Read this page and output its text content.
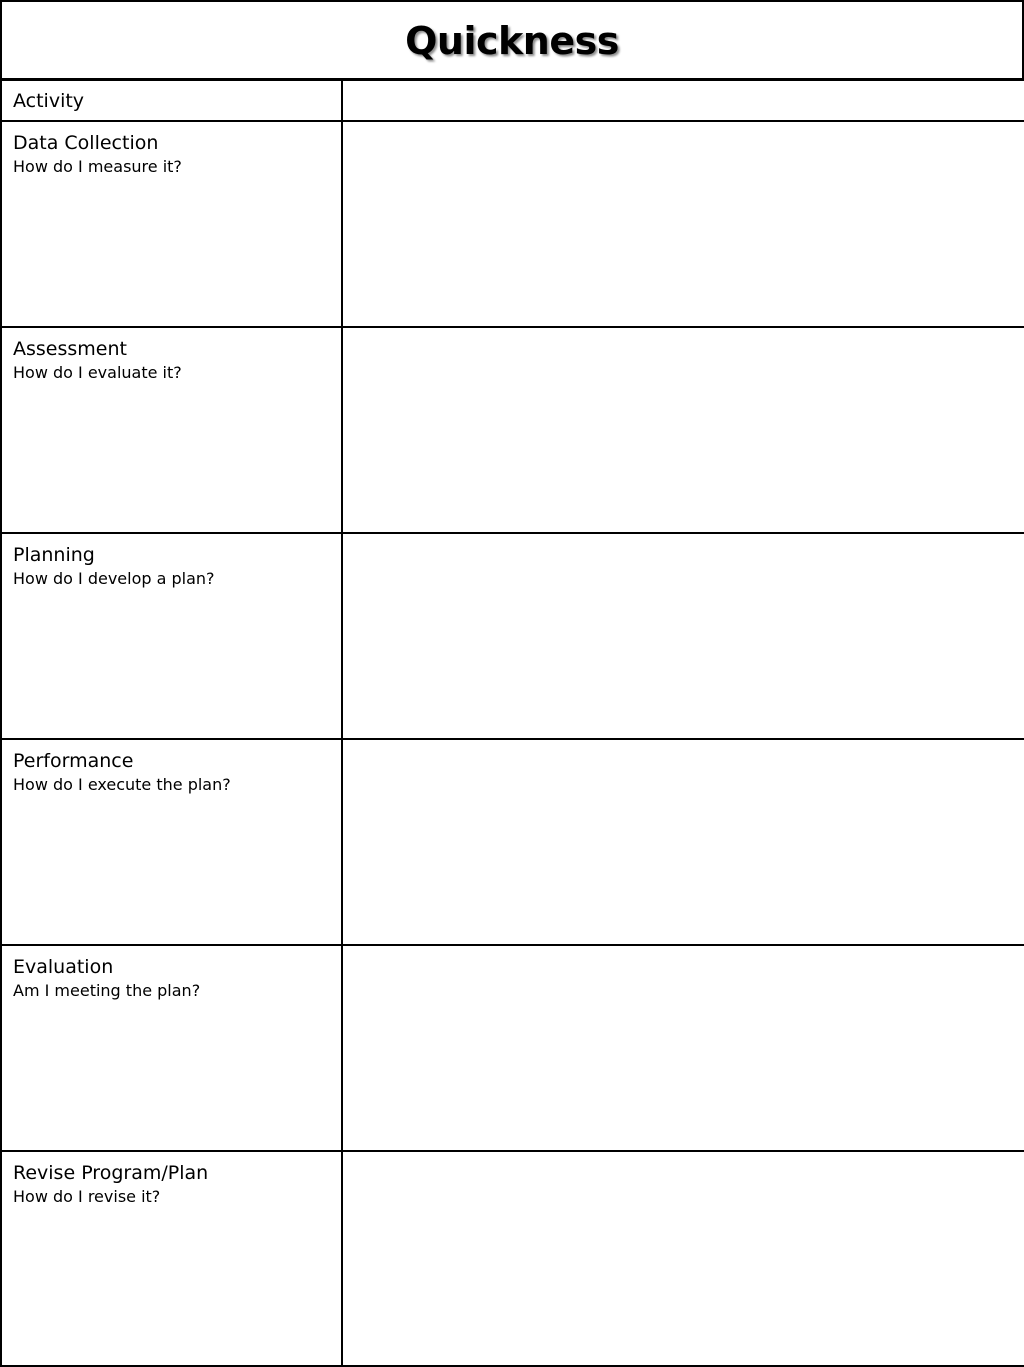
Quickness
Activity	

Data Collection
How do I measure it?	

Assessment
How do I evaluate it?	

Planning
How do I develop a plan?	

Performance
How do I execute the plan?	

Evaluation
Am I meeting the plan?	

Revise Program/Plan
How do I revise it?	
